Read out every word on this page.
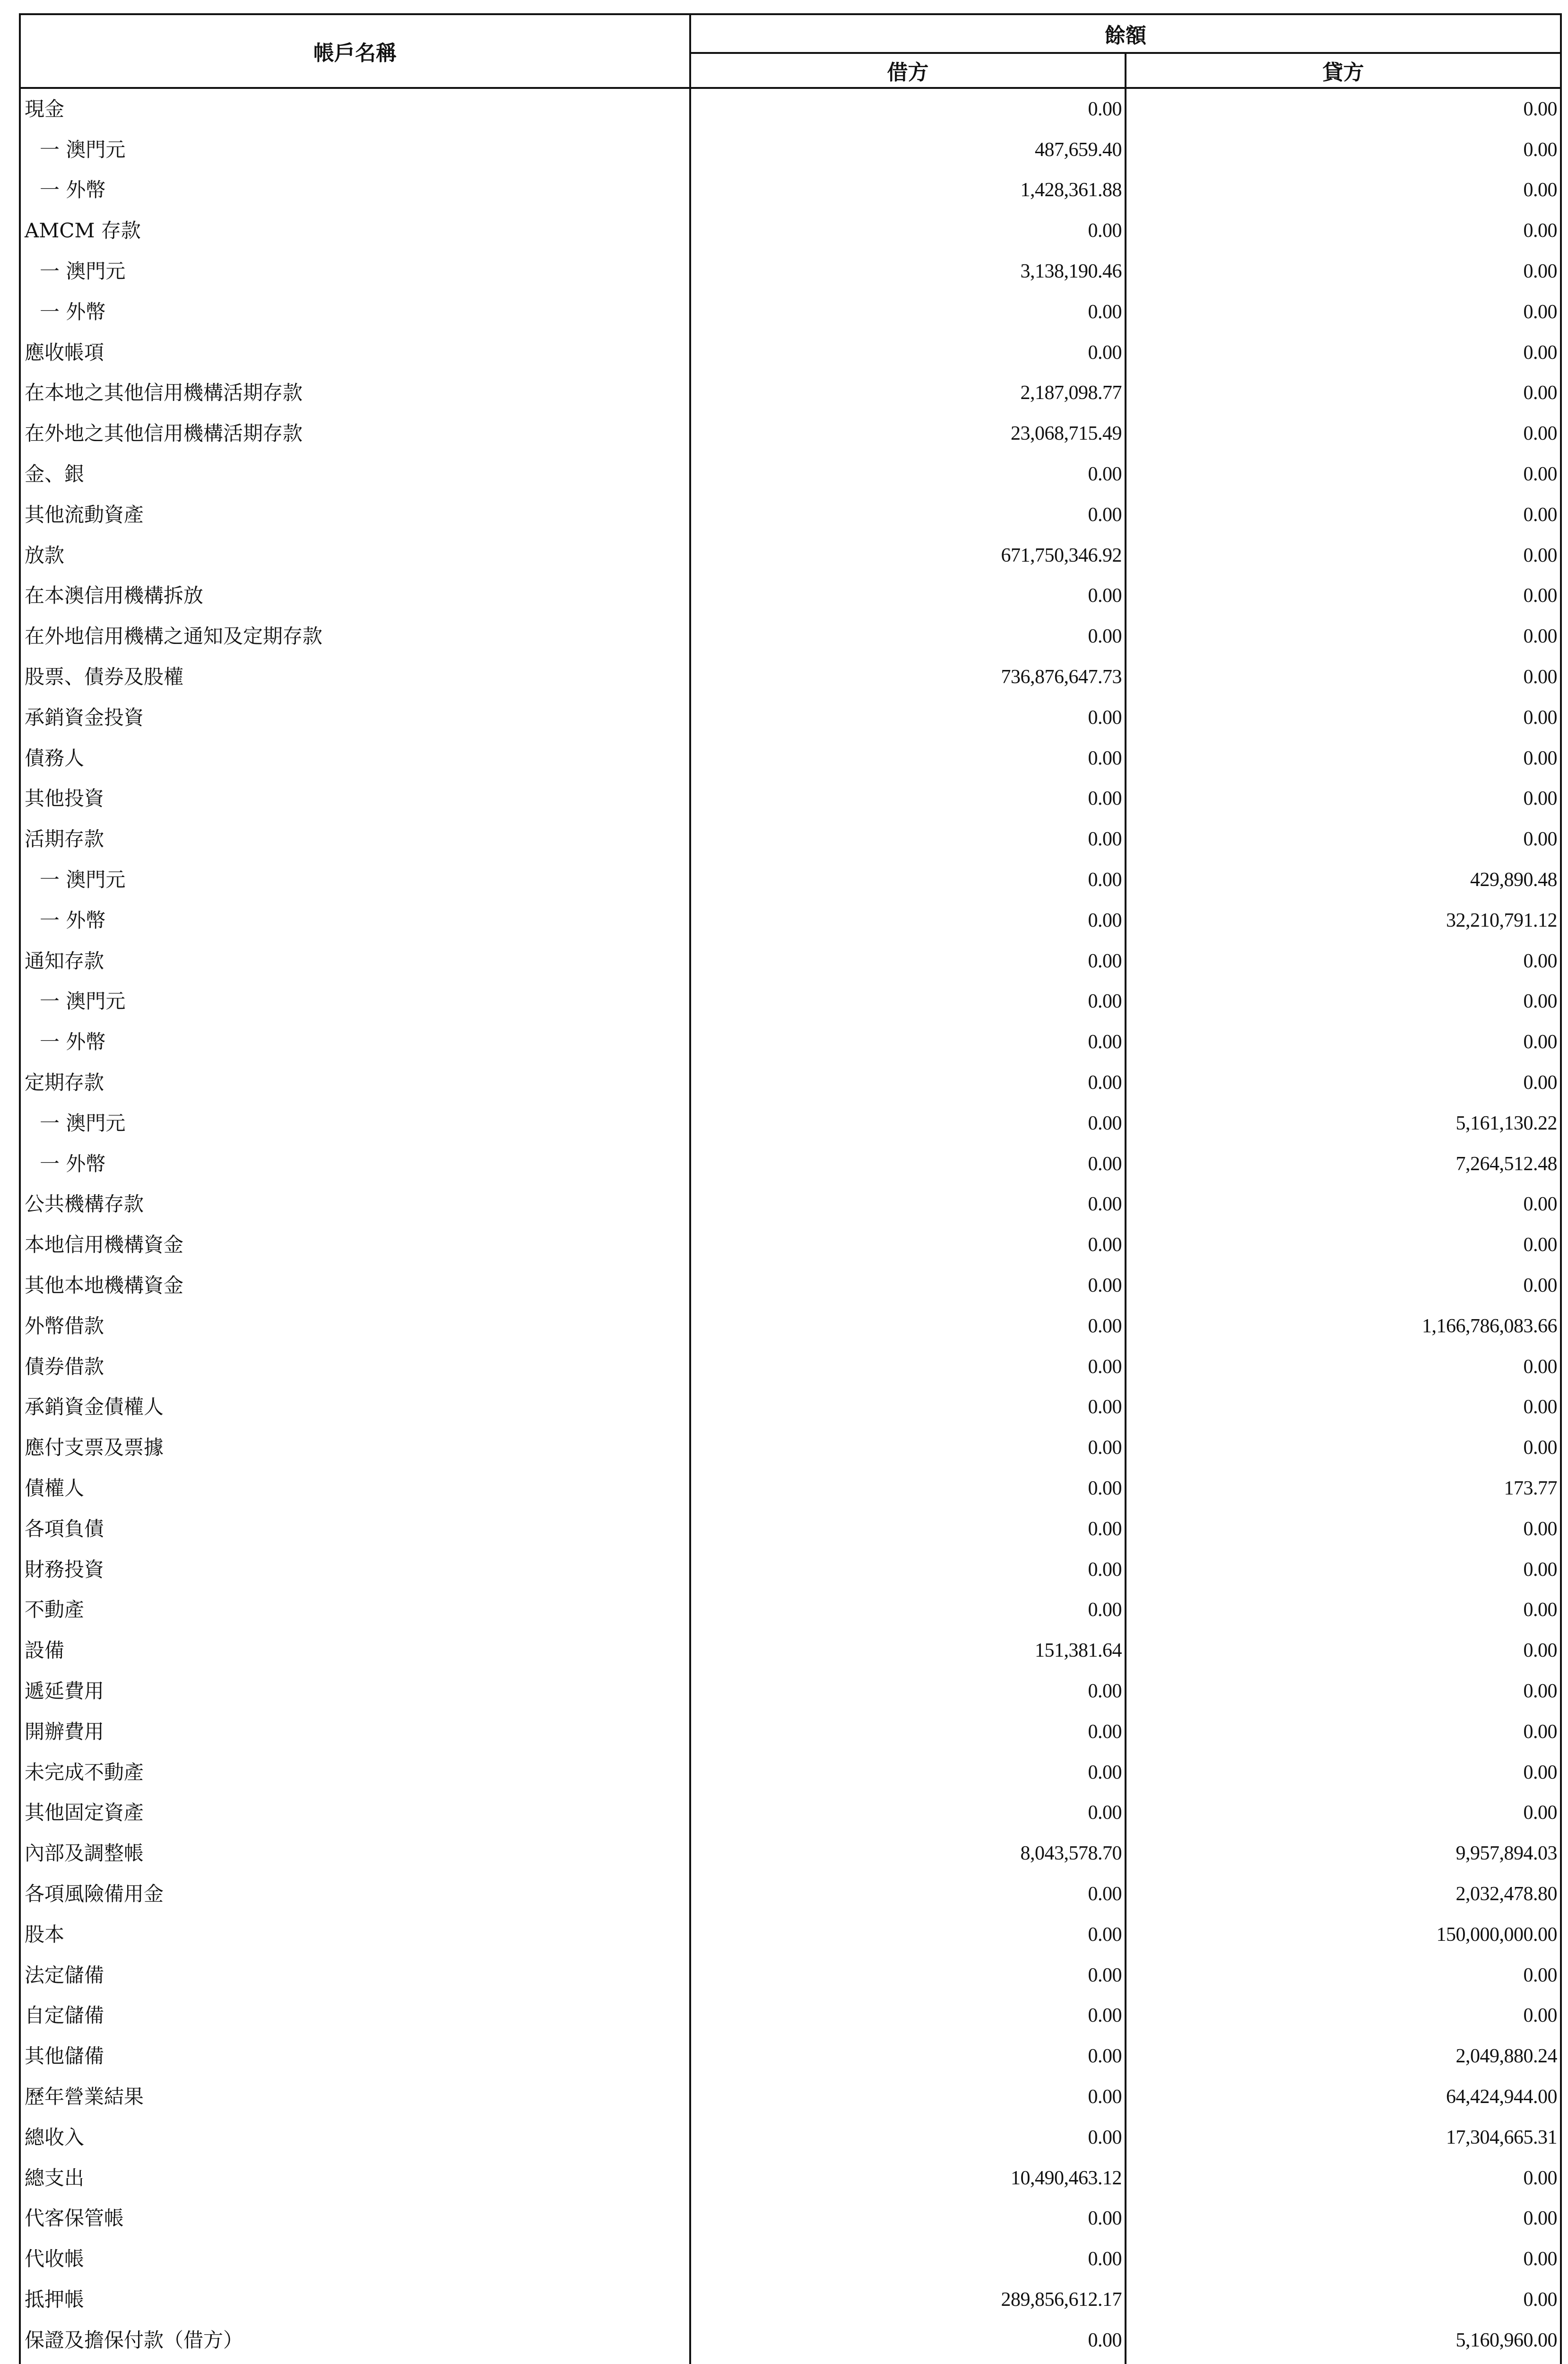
帳戶名稱	餘額	
	借方	貸方
現金	0.00	0.00
一 澳門元	487,659.40	0.00
一 外幣	1,428,361.88	0.00
AMCM 存款	0.00	0.00
一 澳門元	3,138,190.46	0.00
一 外幣	0.00	0.00
應收帳項	0.00	0.00
在本地之其他信用機構活期存款	2,187,098.77	0.00
在外地之其他信用機構活期存款	23,068,715.49	0.00
金、銀	0.00	0.00
其他流動資產	0.00	0.00
放款	671,750,346.92	0.00
在本澳信用機構拆放	0.00	0.00
在外地信用機構之通知及定期存款	0.00	0.00
股票、債券及股權	736,876,647.73	0.00
承銷資金投資	0.00	0.00
債務人	0.00	0.00
其他投資	0.00	0.00
活期存款	0.00	0.00
一 澳門元	0.00	429,890.48
一 外幣	0.00	32,210,791.12
通知存款	0.00	0.00
一 澳門元	0.00	0.00
一 外幣	0.00	0.00
定期存款	0.00	0.00
一 澳門元	0.00	5,161,130.22
一 外幣	0.00	7,264,512.48
公共機構存款	0.00	0.00
本地信用機構資金	0.00	0.00
其他本地機構資金	0.00	0.00
外幣借款	0.00	1,166,786,083.66
債券借款	0.00	0.00
承銷資金債權人	0.00	0.00
應付支票及票據	0.00	0.00
債權人	0.00	173.77
各項負債	0.00	0.00
財務投資	0.00	0.00
不動產	0.00	0.00
設備	151,381.64	0.00
遞延費用	0.00	0.00
開辦費用	0.00	0.00
未完成不動產	0.00	0.00
其他固定資產	0.00	0.00
內部及調整帳	8,043,578.70	9,957,894.03
各項風險備用金	0.00	2,032,478.80
股本	0.00	150,000,000.00
法定儲備	0.00	0.00
自定儲備	0.00	0.00
其他儲備	0.00	2,049,880.24
歷年營業結果	0.00	64,424,944.00
總收入	0.00	17,304,665.31
總支出	10,490,463.12	0.00
代客保管帳	0.00	0.00
代收帳	0.00	0.00
抵押帳	289,856,612.17	0.00
保證及擔保付款（借方）	0.00	5,160,960.00
